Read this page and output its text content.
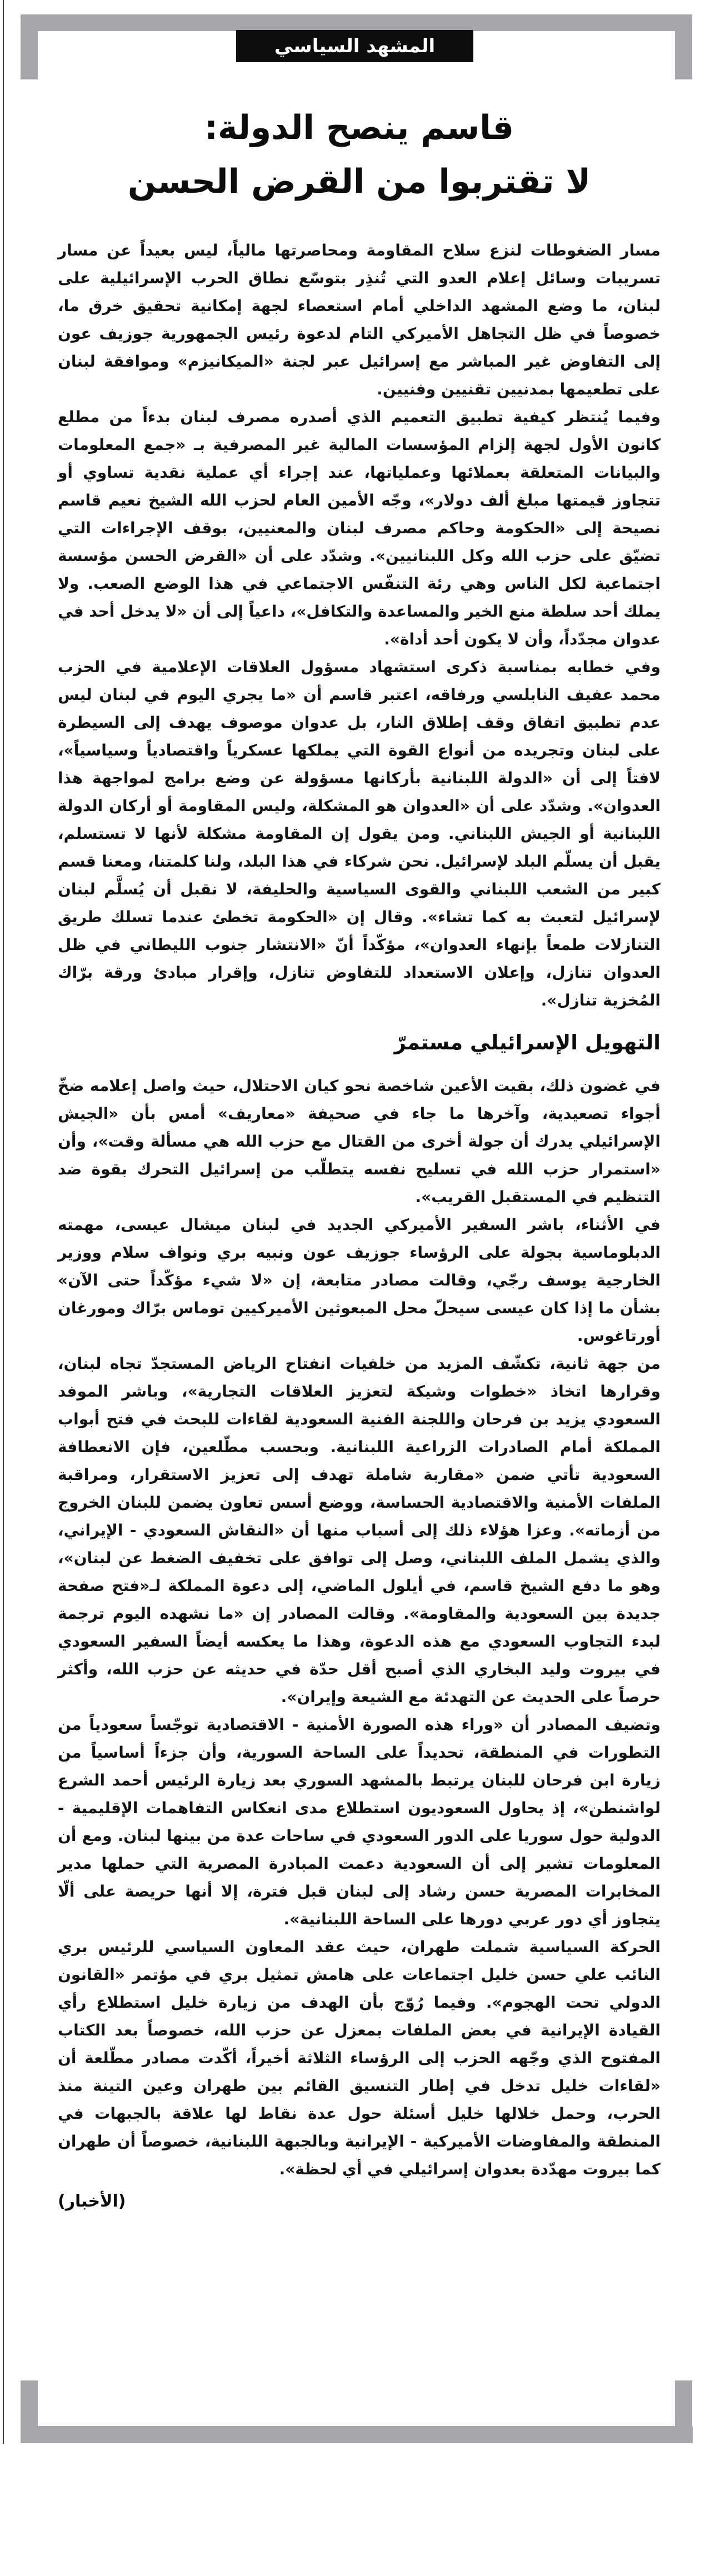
المشهد السياسي
قاسم ينصح الدولة:
لا تقتربوا من القرض الحسن

مسار الضغوطات لنزع سلاح المقاومة ومحاصرتها مالياً، ليس بعيداً عن مسار تسريبات وسائل إعلام العدو التي تُنذِر بتوسّع نطاق الحرب الإسرائيلية على لبنان، ما وضع المشهد الداخلي أمام استعصاء لجهة إمكانية تحقيق خرق ما، خصوصاً في ظل التجاهل الأميركي التام لدعوة رئيس الجمهورية جوزيف عون إلى التفاوض غير المباشر مع إسرائيل عبر لجنة «الميكانيزم» وموافقة لبنان على تطعيمها بمدنيين تقنيين وفنيين.

وفيما يُنتظر كيفية تطبيق التعميم الذي أصدره مصرف لبنان بدءاً من مطلع كانون الأول لجهة إلزام المؤسسات المالية غير المصرفية بـ «جمع المعلومات والبيانات المتعلقة بعملائها وعملياتها، عند إجراء أي عملية نقدية تساوي أو تتجاوز قيمتها مبلغ ألف دولار»، وجّه الأمين العام لحزب الله الشيخ نعيم قاسم نصيحة إلى «الحكومة وحاكم مصرف لبنان والمعنيين، بوقف الإجراءات التي تضيّق على حزب الله وكل اللبنانيين». وشدّد على أن «القرض الحسن مؤسسة اجتماعية لكل الناس وهي رئة التنفّس الاجتماعي في هذا الوضع الصعب. ولا يملك أحد سلطة منع الخير والمساعدة والتكافل»، داعياً إلى أن «لا يدخل أحد في عدوان مجدّداً، وأن لا يكون أحد أداة».

وفي خطابه بمناسبة ذكرى استشهاد مسؤول العلاقات الإعلامية في الحزب محمد عفيف النابلسي ورفاقه، اعتبر قاسم أن «ما يجري اليوم في لبنان ليس عدم تطبيق اتفاق وقف إطلاق النار، بل عدوان موصوف يهدف إلى السيطرة على لبنان وتجريده من أنواع القوة التي يملكها عسكرياً واقتصادياً وسياسياً»، لافتاً إلى أن «الدولة اللبنانية بأركانها مسؤولة عن وضع برامج لمواجهة هذا العدوان». وشدّد على أن «العدوان هو المشكلة، وليس المقاومة أو أركان الدولة اللبنانية أو الجيش اللبناني. ومن يقول إن المقاومة مشكلة لأنها لا تستسلم، يقبل أن يسلّم البلد لإسرائيل. نحن شركاء في هذا البلد، ولنا كلمتنا، ومعنا قسم كبير من الشعب اللبناني والقوى السياسية والحليفة، لا نقبل أن يُسلَّم لبنان لإسرائيل لتعبث به كما تشاء». وقال إن «الحكومة تخطئ عندما تسلك طريق التنازلات طمعاً بإنهاء العدوان»، مؤكّداً أنّ «الانتشار جنوب الليطاني في ظل العدوان تنازل، وإعلان الاستعداد للتفاوض تنازل، وإقرار مبادئ ورقة برّاك المُخزية تنازل».

التهويل الإسرائيلي مستمرّ

في غضون ذلك، بقيت الأعين شاخصة نحو كيان الاحتلال، حيث واصل إعلامه ضخّ أجواء تصعيدية، وآخرها ما جاء في صحيفة «معاريف» أمس بأن «الجيش الإسرائيلي يدرك أن جولة أخرى من القتال مع حزب الله هي مسألة وقت»، وأن «استمرار حزب الله في تسليح نفسه يتطلّب من إسرائيل التحرك بقوة ضد التنظيم في المستقبل القريب».

في الأثناء، باشر السفير الأميركي الجديد في لبنان ميشال عيسى، مهمته الدبلوماسية بجولة على الرؤساء جوزيف عون ونبيه بري ونواف سلام ووزير الخارجية يوسف رجّي، وقالت مصادر متابعة، إن «لا شيء مؤكّداً حتى الآن» بشأن ما إذا كان عيسى سيحلّ محل المبعوثين الأميركيين توماس برّاك ومورغان أورتاغوس.

من جهة ثانية، تكشّف المزيد من خلفيات انفتاح الرياض المستجدّ تجاه لبنان، وقرارها اتخاذ «خطوات وشيكة لتعزيز العلاقات التجارية»، وباشر الموفد السعودي يزيد بن فرحان واللجنة الفنية السعودية لقاءات للبحث في فتح أبواب المملكة أمام الصادرات الزراعية اللبنانية. وبحسب مطّلعين، فإن الانعطافة السعودية تأتي ضمن «مقاربة شاملة تهدف إلى تعزيز الاستقرار، ومراقبة الملفات الأمنية والاقتصادية الحساسة، ووضع أسس تعاون يضمن للبنان الخروج من أزماته». وعزا هؤلاء ذلك إلى أسباب منها أن «النقاش السعودي - الإيراني، والذي يشمل الملف اللبناني، وصل إلى توافق على تخفيف الضغط عن لبنان»، وهو ما دفع الشيخ قاسم، في أيلول الماضي، إلى دعوة المملكة لـ«فتح صفحة جديدة بين السعودية والمقاومة». وقالت المصادر إن «ما نشهده اليوم ترجمة لبدء التجاوب السعودي مع هذه الدعوة، وهذا ما يعكسه أيضاً السفير السعودي في بيروت وليد البخاري الذي أصبح أقل حدّة في حديثه عن حزب الله، وأكثر حرصاً على الحديث عن التهدئة مع الشيعة وإيران».

وتضيف المصادر أن «وراء هذه الصورة الأمنية - الاقتصادية توجّساً سعودياً من التطورات في المنطقة، تحديداً على الساحة السورية، وأن جزءاً أساسياً من زيارة ابن فرحان للبنان يرتبط بالمشهد السوري بعد زيارة الرئيس أحمد الشرع لواشنطن»، إذ يحاول السعوديون استطلاع مدى انعكاس التفاهمات الإقليمية - الدولية حول سوريا على الدور السعودي في ساحات عدة من بينها لبنان. ومع أن المعلومات تشير إلى أن السعودية دعمت المبادرة المصرية التي حملها مدير المخابرات المصرية حسن رشاد إلى لبنان قبل فترة، إلا أنها حريصة على ألّا يتجاوز أي دور عربي دورها على الساحة اللبنانية».

الحركة السياسية شملت طهران، حيث عقد المعاون السياسي للرئيس بري النائب علي حسن خليل اجتماعات على هامش تمثيل بري في مؤتمر «القانون الدولي تحت الهجوم». وفيما رُوّج بأن الهدف من زيارة خليل استطلاع رأي القيادة الإيرانية في بعض الملفات بمعزل عن حزب الله، خصوصاً بعد الكتاب المفتوح الذي وجّهه الحزب إلى الرؤساء الثلاثة أخيراً، أكّدت مصادر مطّلعة أن «لقاءات خليل تدخل في إطار التنسيق القائم بين طهران وعين التينة منذ الحرب، وحمل خلالها خليل أسئلة حول عدة نقاط لها علاقة بالجبهات في المنطقة والمفاوضات الأميركية - الإيرانية وبالجبهة اللبنانية، خصوصاً أن طهران كما بيروت مهدّدة بعدوان إسرائيلي في أي لحظة».

(الأخبار)
